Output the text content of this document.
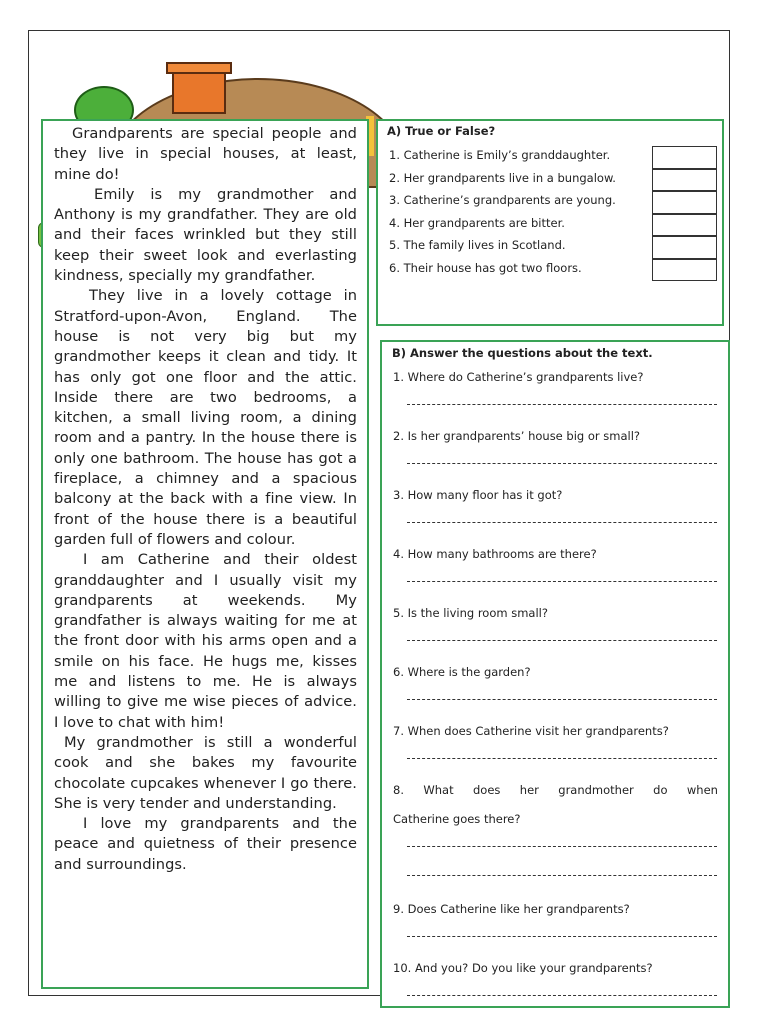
Grandparents are special people and they live in special houses, at least, mine do!

Emily is my grandmother and Anthony is my grandfather. They are old and their faces wrinkled but they still keep their sweet look and everlasting kindness, specially my grandfather.

They live in a lovely cottage in Stratford-upon-Avon, England. The house is not very big but my grandmother keeps it clean and tidy. It has only got one floor and the attic. Inside there are two bedrooms, a kitchen, a small living room, a dining room and a pantry. In the house there is only one bathroom. The house has got a fireplace, a chimney and a spacious balcony at the back with a fine view. In front of the house there is a beautiful garden full of flowers and colour.

I am Catherine and their oldest granddaughter and I usually visit my grandparents at weekends. My grandfather is always waiting for me at the front door with his arms open and a smile on his face. He hugs me, kisses me and listens to me. He is always willing to give me wise pieces of advice. I love to chat with him!

My grandmother is still a wonderful cook and she bakes my favourite chocolate cupcakes whenever I go there. She is very tender and understanding.

I love my grandparents and the peace and quietness of their presence and surroundings.

A) True or False?
1. Catherine is Emily’s granddaughter.
2. Her grandparents live in a bungalow.
3. Catherine’s grandparents are young.
4. Her grandparents are bitter.
5. The family lives in Scotland.
6. Their house has got two floors.
B) Answer the questions about the text.
1. Where do Catherine’s grandparents live?
2. Is her grandparents’ house big or small?
3. How many floor has it got?
4. How many bathrooms are there?
5. Is the living room small?
6. Where is the garden?
7. When does Catherine visit her grandparents?
8. What does her grandmother do when
Catherine goes there?
9. Does Catherine like her grandparents?
10. And you? Do you like your grandparents?
